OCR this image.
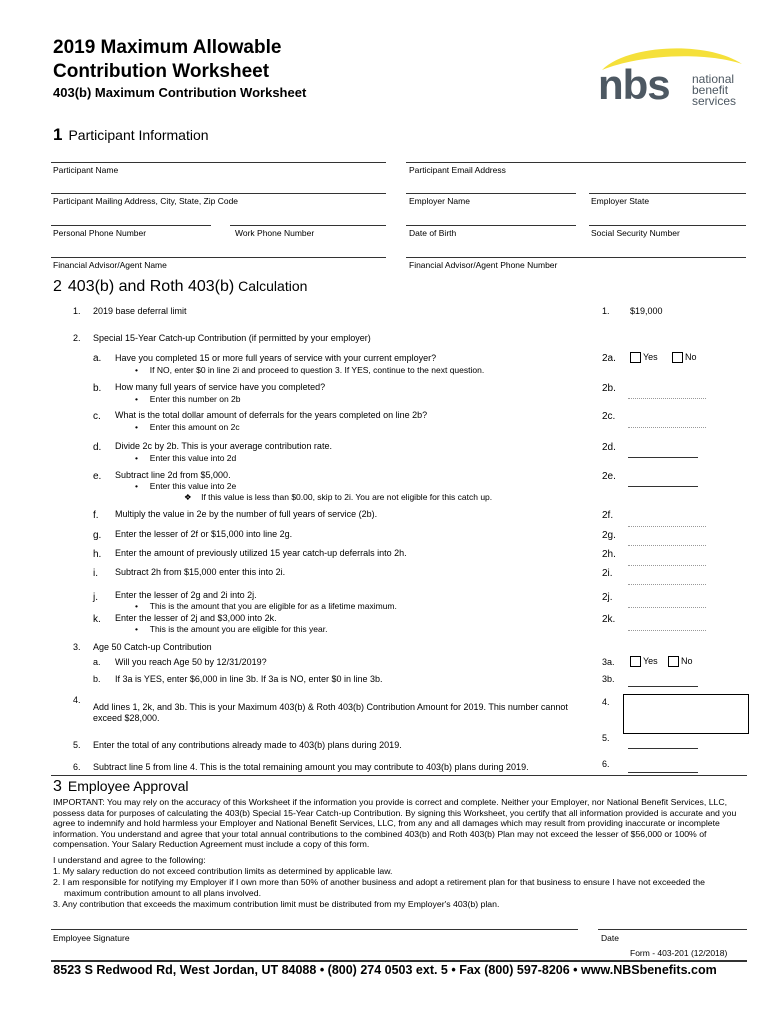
2019 Maximum Allowable
Contribution Worksheet
403(b) Maximum Contribution Worksheet	nbs national
benefit
services
1 Participant Information
Participant Name	Participant Email Address
Participant Mailing Address, City, State, Zip Code	Employer Name	Employer State
Personal Phone Number	Work Phone Number	Date of Birth	Social Security Number
Financial Advisor/Agent Name	Financial Advisor/Agent Phone Number
2 403(b) and Roth 403(b) Calculation
1. 2019 base deferral limit	1. $19,000
2. Special 15-Year Catch-up Contribution (if permitted by your employer)
a. Have you completed 15 or more full years of service with your current employer?
•     If NO, enter $0 in line 2i and proceed to question 3. If YES, continue to the next question.
2a.	Yes	No
b. How many full years of service have you completed?
•     Enter this number on 2b
2b.
c. What is the total dollar amount of deferrals for the years completed on line 2b?
•     Enter this amount on 2c
2c.
d. Divide 2c by 2b. This is your average contribution rate.
•     Enter this value into 2d
2d.
e. Subtract line 2d from $5,000.
•     Enter this value into 2e
❖    If this value is less than $0.00, skip to 2i. You are not eligible for this catch up.
2e.
f. Multiply the value in 2e by the number of full years of service (2b).	2f.
g. Enter the lesser of 2f or $15,000 into line 2g.	2g.
h. Enter the amount of previously utilized 15 year catch-up deferrals into 2h.	2h.
i. Subtract 2h from $15,000 enter this into 2i.	2i.
j. Enter the lesser of 2g and 2i into 2j.
•     This is the amount that you are eligible for as a lifetime maximum.
2j.
k. Enter the lesser of 2j and $3,000 into 2k.
•     This is the amount you are eligible for this year.
2k.
3. Age 50 Catch-up Contribution
a. Will you reach Age 50 by 12/31/2019?	3a.	Yes	No
b. If 3a is YES, enter $6,000 in line 3b. If 3a is NO, enter $0 in line 3b.	3b.
4.
Add lines 1, 2k, and 3b. This is your Maximum 403(b) & Roth 403(b) Contribution Amount for 2019. This number cannot exceed $28,000.
4.
5. Enter the total of any contributions already made to 403(b) plans during 2019.
5.
6. Subtract line 5 from line 4. This is the total remaining amount you may contribute to 403(b) plans during 2019.	6.
3 Employee Approval
IMPORTANT: You may rely on the accuracy of this Worksheet if the information you provide is correct and complete. Neither your Employer, nor National Benefit Services, LLC, possess data for purposes of calculating the 403(b) Special 15-Year Catch-up Contribution. By signing this Worksheet, you certify that all information provided is accurate and you agree to indemnify and hold harmless your Employer and National Benefit Services, LLC, from any and all damages which may result from providing inaccurate or incomplete information. You understand and agree that your total annual contributions to the combined 403(b) and Roth 403(b) Plan may not exceed the lesser of $56,000 or 100% of compensation. Your Salary Reduction Agreement must include a copy of this form.
I understand and agree to the following:
1. My salary reduction do not exceed contribution limits as determined by applicable law.
2. I am responsible for notifying my Employer if I own more than 50% of another business and adopt a retirement plan for that business to ensure I have not exceeded the
maximum contribution amount to all plans involved.
3. Any contribution that exceeds the maximum contribution limit must be distributed from my Employer's 403(b) plan.
Employee Signature	Date
Form - 403-201 (12/2018)
8523 S Redwood Rd, West Jordan, UT 84088 • (800) 274 0503 ext. 5 • Fax (800) 597-8206 • www.NBSbenefits.com
